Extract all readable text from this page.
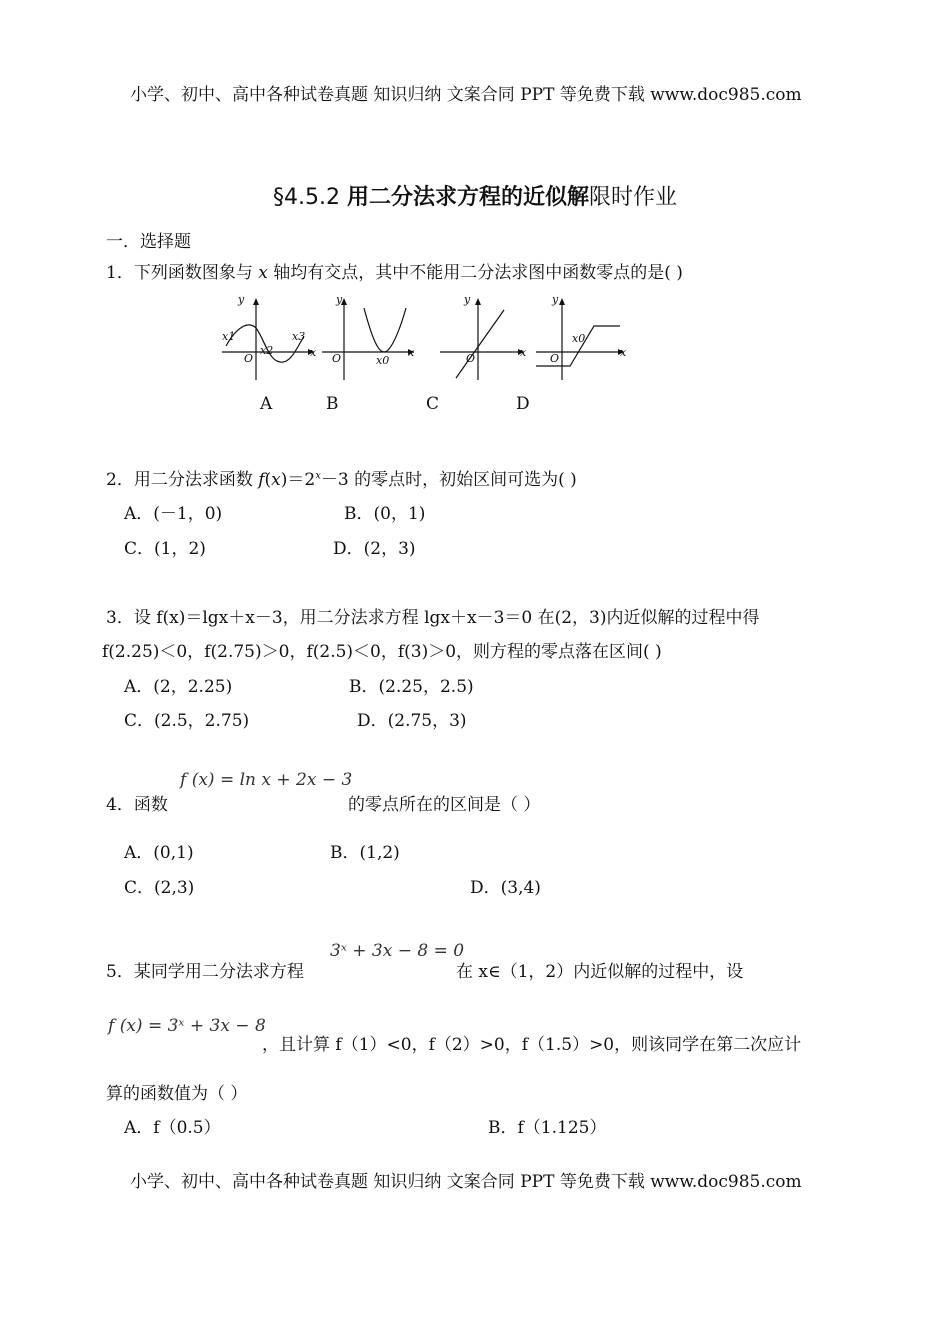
小学、初中、高中各种试卷真题 知识归纳 文案合同 PPT 等免费下载 www.doc985.com
§4.5.2 用二分法求方程的近似解限时作业
一．选择题
1．下列函数图象与 x 轴均有交点，其中不能用二分法求图中函数零点的是( )
y
x
O
x1
x2
x3
y
x
O	x0
y
x
O
y
x
O
x0
A	B	C	D
2．用二分法求函数 $f(x)=2^x-3$ 的零点时，初始区间可选为( )
A．(－1，0)	B．(0，1)
C．(1，2)	D．(2，3)
3．设 f(x)＝lgx＋x－3，用二分法求方程 lgx＋x－3＝0 在(2，3)内近似解的过程中得
f(2.25)＜0，f(2.75)＞0，f(2.5)＜0，f(3)＞0，则方程的零点落在区间( )
A．(2，2.25)	B．(2.25，2.5)
C．(2.5，2.75)	D．(2.75，3)
f (x) = ln x + 2x − 3
4．函数	的零点所在的区间是（ ）
A．(0,1)	B．(1,2)
C．(2,3)	D．(3,4)
3ˣ + 3x − 8 = 0
5．某同学用二分法求方程	在 x∈（1，2）内近似解的过程中，设
f (x) = 3ˣ + 3x − 8
，且计算 f（1）<0，f（2）>0，f（1.5）>0，则该同学在第二次应计
算的函数值为（ ）
A．f（0.5）	B．f（1.125）
小学、初中、高中各种试卷真题 知识归纳 文案合同 PPT 等免费下载 www.doc985.com
